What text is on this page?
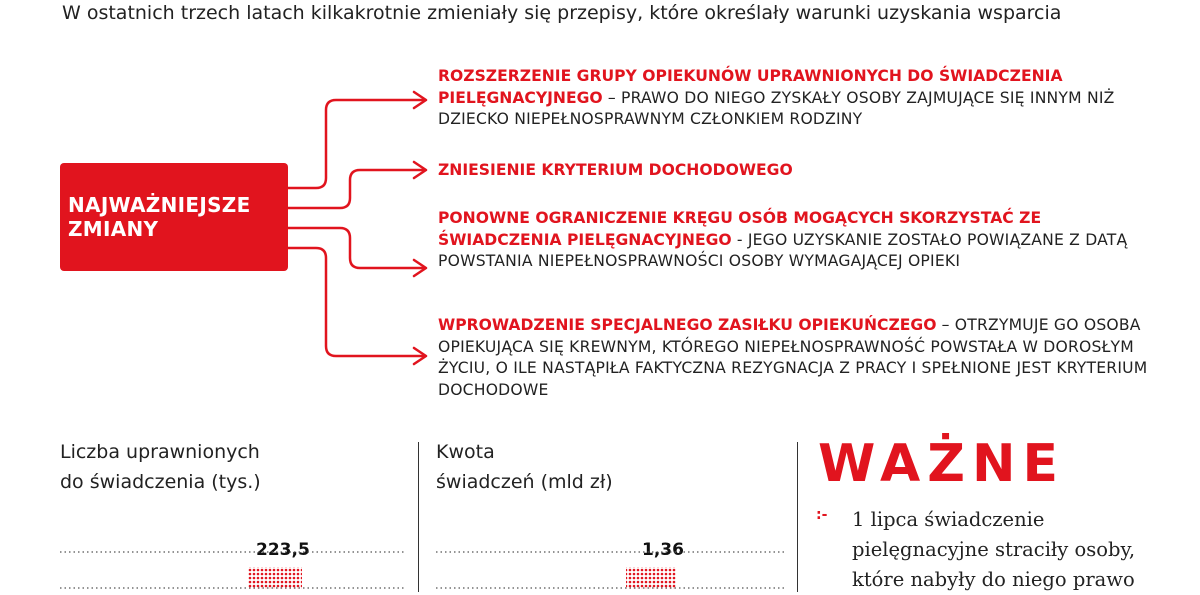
W ostatnich trzech latach kilkakrotnie zmieniały się przepisy, które określały warunki uzyskania wsparcia
NAJWAŻNIEJSZE ZMIANY
ROZSZERZENIE GRUPY OPIEKUNÓW UPRAWNIONYCH DO ŚWIADCZENIA PIELĘGNACYJNEGO – PRAWO DO NIEGO ZYSKAŁY OSOBY ZAJMUJĄCE SIĘ INNYM NIŻ DZIECKO NIEPEŁNOSPRAWNYM CZŁONKIEM RODZINY
ZNIESIENIE KRYTERIUM DOCHODOWEGO
PONOWNE OGRANICZENIE KRĘGU OSÓB MOGĄCYCH SKORZYSTAĆ ZE ŚWIADCZENIA PIELĘGNACYJNEGO - JEGO UZYSKANIE ZOSTAŁO POWIĄZANE Z DATĄ POWSTANIA NIEPEŁNOSPRAWNOŚCI OSOBY WYMAGAJĄCEJ OPIEKI
WPROWADZENIE SPECJALNEGO ZASIŁKU OPIEKUŃCZEGO – OTRZYMUJE GO OSOBA OPIEKUJĄCA SIĘ KREWNYM, KTÓREGO NIEPEŁNOSPRAWNOŚĆ POWSTAŁA W DOROSŁYM ŻYCIU, O ILE NASTĄPIŁA FAKTYCZNA REZYGNACJA Z PRACY I SPEŁNIONE JEST KRYTERIUM DOCHODOWE
Liczba uprawnionych
do świadczenia (tys.)
223,5
Kwota
świadczeń (mld zł)
1,36
WAŻNE
:- 1 lipca świadczenie pielęgnacyjne straciły osoby, które nabyły do niego prawo
